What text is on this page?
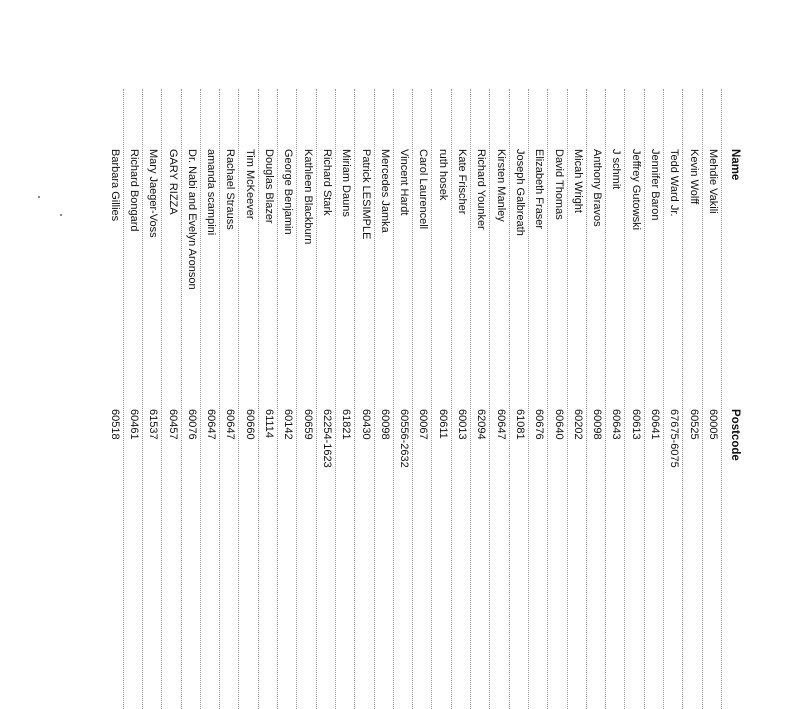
Name
Postcode
Mehdie Vakili
60005
Kevin Wolff
60525
Tedd Ward Jr.
67675-6075
Jennifer Baron
60641
Jeffrey Gutowski
60613
J schmit
60643
Anthony Bravos
60098
Micah Wright
60202
David Thomas
60640
Elizabeth Fraser
60676
Joseph Galbreath
61081
Kirsten Manley
60647
Richard Younker
62094
Kate Frischer
60013
ruth hosek
60611
Carol Laurencell
60067
Vincent Hardt
60556-2632
Mercedes Jamka
60098
Patrick LESIMPLE
60430
Miriam Dauns
61821
Richard Stark
62254-1623
Kathleen Blackburn
60659
George Benjamin
60142
Douglas Blazer
61114
Tim McKeever
60660
Rachael Strauss
60647
amanda scampini
60647
Dr. Nabi and Evelyn Aronson
60076
GARY RIZZA
60457
Mary Jaeger-Voss
61537
Richard Bongard
60461
Barbara Gillies
60518
